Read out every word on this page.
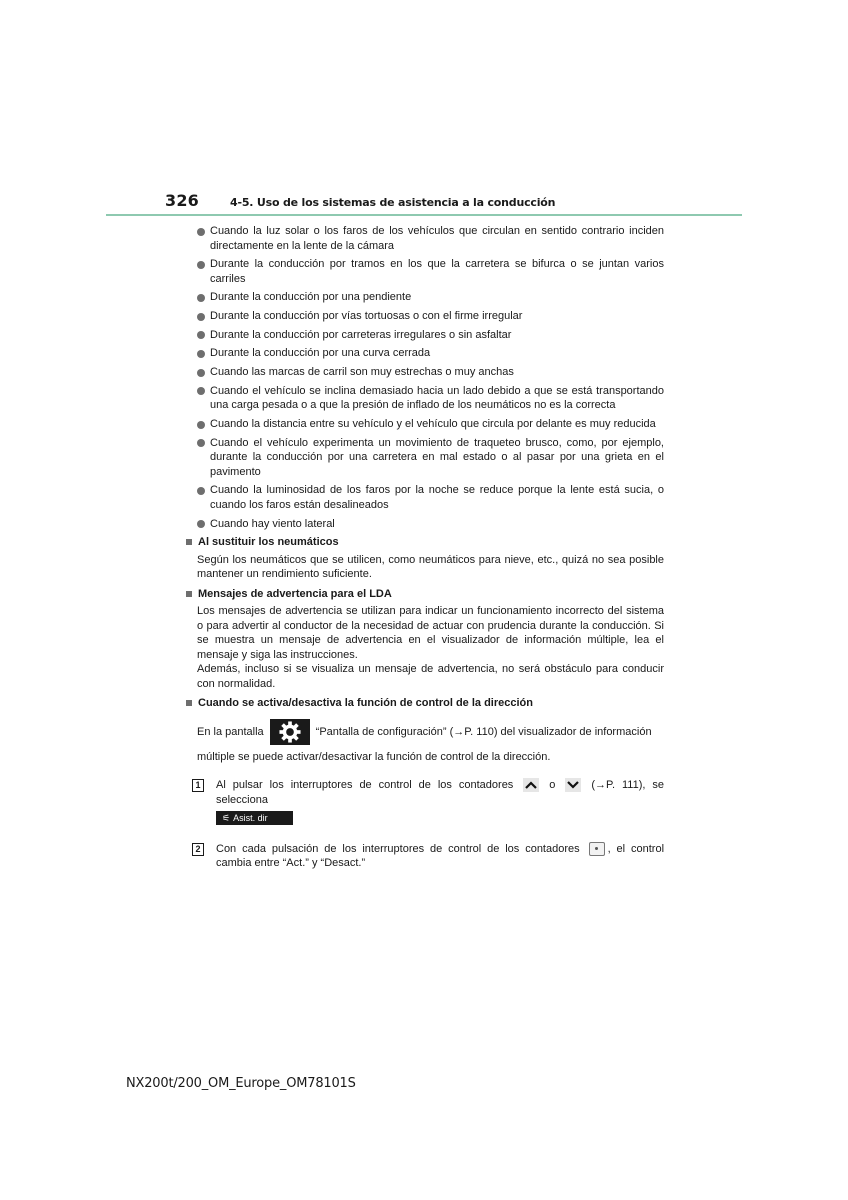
326	4-5. Uso de los sistemas de asistencia a la conducción
Cuando la luz solar o los faros de los vehículos que circulan en sentido contrario inciden directamente en la lente de la cámara
Durante la conducción por tramos en los que la carretera se bifurca o se juntan varios carriles
Durante la conducción por una pendiente
Durante la conducción por vías tortuosas o con el firme irregular
Durante la conducción por carreteras irregulares o sin asfaltar
Durante la conducción por una curva cerrada
Cuando las marcas de carril son muy estrechas o muy anchas
Cuando el vehículo se inclina demasiado hacia un lado debido a que se está transportando una carga pesada o a que la presión de inflado de los neumáticos no es la correcta
Cuando la distancia entre su vehículo y el vehículo que circula por delante es muy reducida
Cuando el vehículo experimenta un movimiento de traqueteo brusco, como, por ejemplo, durante la conducción por una carretera en mal estado o al pasar por una grieta en el pavimento
Cuando la luminosidad de los faros por la noche se reduce porque la lente está sucia, o cuando los faros están desalineados
Cuando hay viento lateral
Al sustituir los neumáticos

Según los neumáticos que se utilicen, como neumáticos para nieve, etc., quizá no sea posible mantener un rendimiento suficiente.

Mensajes de advertencia para el LDA

Los mensajes de advertencia se utilizan para indicar un funcionamiento incorrecto del sistema o para advertir al conductor de la necesidad de actuar con prudencia durante la conducción. Si se muestra un mensaje de advertencia en el visualizador de información múltiple, lea el mensaje y siga las instrucciones.
Además, incluso si se visualiza un mensaje de advertencia, no será obstáculo para conducir con normalidad.

Cuando se activa/desactiva la función de control de la dirección
En la pantalla	“Pantalla de configuración” (→P. 110) del visualizador de información

múltiple se puede activar/desactivar la función de control de la dirección.

1	Al pulsar los interruptores de control de los contadores	o	(→P. 111), se selecciona
⚟ Asist. dir
2	Con cada pulsación de los interruptores de control de los contadores	, el control cambia entre “Act.” y “Desact.”
NX200t/200_OM_Europe_OM78101S
